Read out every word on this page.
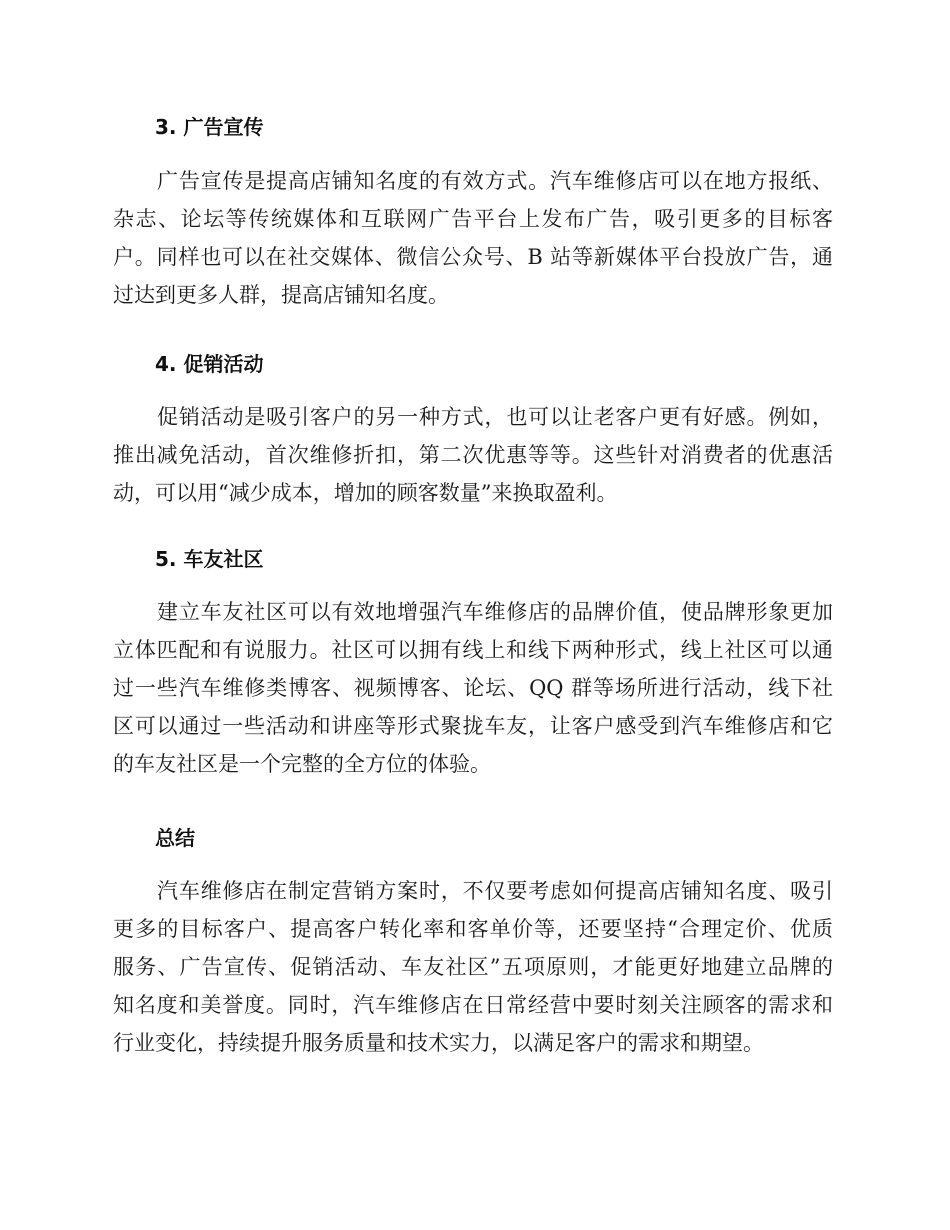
3. 广告宣传
广告宣传是提高店铺知名度的有效方式。汽车维修店可以在地方报纸、
杂志、论坛等传统媒体和互联网广告平台上发布广告，吸引更多的目标客
户。同样也可以在社交媒体、微信公众号、B 站等新媒体平台投放广告，通
过达到更多人群，提高店铺知名度。
4. 促销活动
促销活动是吸引客户的另一种方式，也可以让老客户更有好感。例如，
推出减免活动，首次维修折扣，第二次优惠等等。这些针对消费者的优惠活
动，可以用“减少成本，增加的顾客数量”来换取盈利。
5. 车友社区
建立车友社区可以有效地增强汽车维修店的品牌价值，使品牌形象更加
立体匹配和有说服力。社区可以拥有线上和线下两种形式，线上社区可以通
过一些汽车维修类博客、视频博客、论坛、QQ 群等场所进行活动，线下社
区可以通过一些活动和讲座等形式聚拢车友，让客户感受到汽车维修店和它
的车友社区是一个完整的全方位的体验。
总结
汽车维修店在制定营销方案时，不仅要考虑如何提高店铺知名度、吸引
更多的目标客户、提高客户转化率和客单价等，还要坚持“合理定价、优质
服务、广告宣传、促销活动、车友社区”五项原则，才能更好地建立品牌的
知名度和美誉度。同时，汽车维修店在日常经营中要时刻关注顾客的需求和
行业变化，持续提升服务质量和技术实力，以满足客户的需求和期望。
